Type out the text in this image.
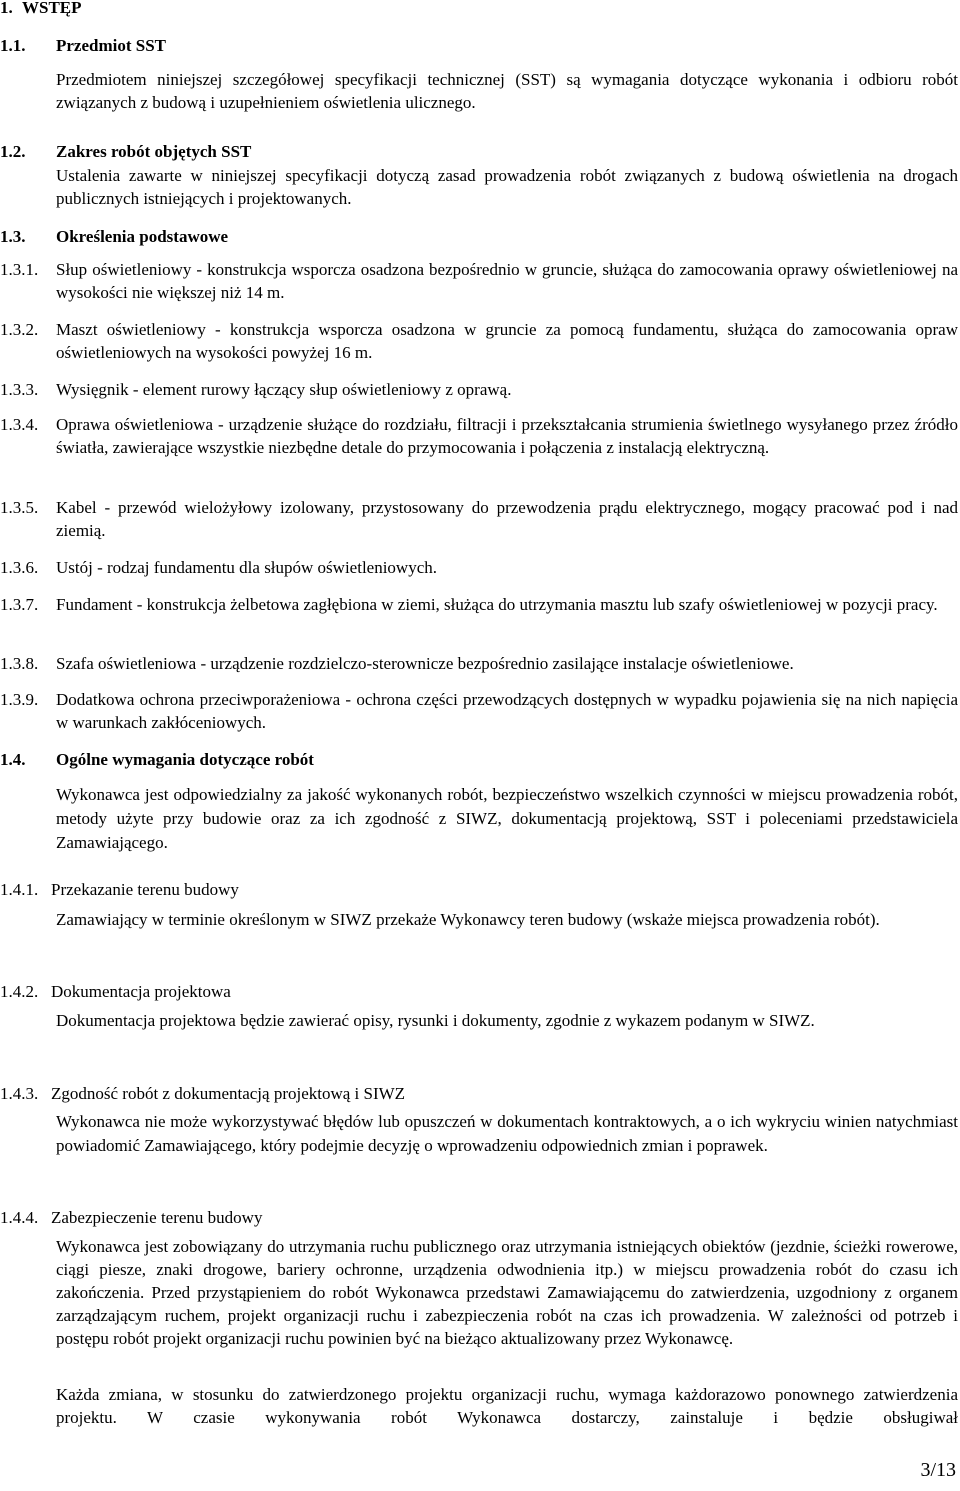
1. WSTĘP
1.1. Przedmiot SST

Przedmiotem niniejszej szczegółowej specyfikacji technicznej (SST) są wymagania dotyczące wykonania i odbioru robót związanych z budową i uzupełnieniem oświetlenia ulicznego.

1.2. Zakres robót objętych SST

Ustalenia zawarte w niniejszej specyfikacji dotyczą zasad prowadzenia robót związanych z budową oświetlenia na drogach publicznych istniejących i projektowanych.

1.3. Określenia podstawowe
1.3.1. Słup oświetleniowy - konstrukcja wsporcza osadzona bezpośrednio w gruncie, służąca do zamocowania oprawy oświetleniowej na wysokości nie większej niż 14 m.

1.3.2. Maszt oświetleniowy - konstrukcja wsporcza osadzona w gruncie za pomocą fundamentu, służąca do zamocowania opraw oświetleniowych na wysokości powyżej 16 m.

1.3.3. Wysięgnik - element rurowy łączący słup oświetleniowy z oprawą.

1.3.4. Oprawa oświetleniowa - urządzenie służące do rozdziału, filtracji i przekształcania strumienia świetlnego wysyłanego przez źródło światła, zawierające wszystkie niezbędne detale do przymocowania i połączenia z instalacją elektryczną.

1.3.5. Kabel - przewód wielożyłowy izolowany, przystosowany do przewodzenia prądu elektrycznego, mogący pracować pod i nad ziemią.

1.3.6. Ustój - rodzaj fundamentu dla słupów oświetleniowych.

1.3.7. Fundament - konstrukcja żelbetowa zagłębiona w ziemi, służąca do utrzymania masztu lub szafy oświetleniowej w pozycji pracy.

1.3.8. Szafa oświetleniowa - urządzenie rozdzielczo-sterownicze bezpośrednio zasilające instalacje oświetleniowe.

1.3.9. Dodatkowa ochrona przeciwporażeniowa - ochrona części przewodzących dostępnych w wypadku pojawienia się na nich napięcia w warunkach zakłóceniowych.

1.4. Ogólne wymagania dotyczące robót

Wykonawca jest odpowiedzialny za jakość wykonanych robót, bezpieczeństwo wszelkich czynności w miejscu prowadzenia robót, metody użyte przy budowie oraz za ich zgodność z SIWZ, dokumentacją projektową, SST i poleceniami przedstawiciela Zamawiającego.

1.4.1. Przekazanie terenu budowy

Zamawiający w terminie określonym w SIWZ przekaże Wykonawcy teren budowy (wskaże miejsca prowadzenia robót).

1.4.2. Dokumentacja projektowa

Dokumentacja projektowa będzie zawierać opisy, rysunki i dokumenty, zgodnie z wykazem podanym w SIWZ.

1.4.3. Zgodność robót z dokumentacją projektową i SIWZ

Wykonawca nie może wykorzystywać błędów lub opuszczeń w dokumentach kontraktowych, a o ich wykryciu winien natychmiast powiadomić Zamawiającego, który podejmie decyzję o wprowadzeniu odpowiednich zmian i poprawek.

1.4.4. Zabezpieczenie terenu budowy

Wykonawca jest zobowiązany do utrzymania ruchu publicznego oraz utrzymania istniejących obiektów (jezdnie, ścieżki rowerowe, ciągi piesze, znaki drogowe, bariery ochronne, urządzenia odwodnienia itp.) w miejscu prowadzenia robót do czasu ich zakończenia. Przed przystąpieniem do robót Wykonawca przedstawi Zamawiającemu do zatwierdzenia, uzgodniony z organem zarządzającym ruchem, projekt organizacji ruchu i zabezpieczenia robót na czas ich prowadzenia. W zależności od potrzeb i postępu robót projekt organizacji ruchu powinien być na bieżąco aktualizowany przez Wykonawcę.

Każda zmiana, w stosunku do zatwierdzonego projektu organizacji ruchu, wymaga każdorazowo ponownego zatwierdzenia projektu. W czasie wykonywania robót Wykonawca dostarczy, zainstaluje i będzie obsługiwał

3/13
